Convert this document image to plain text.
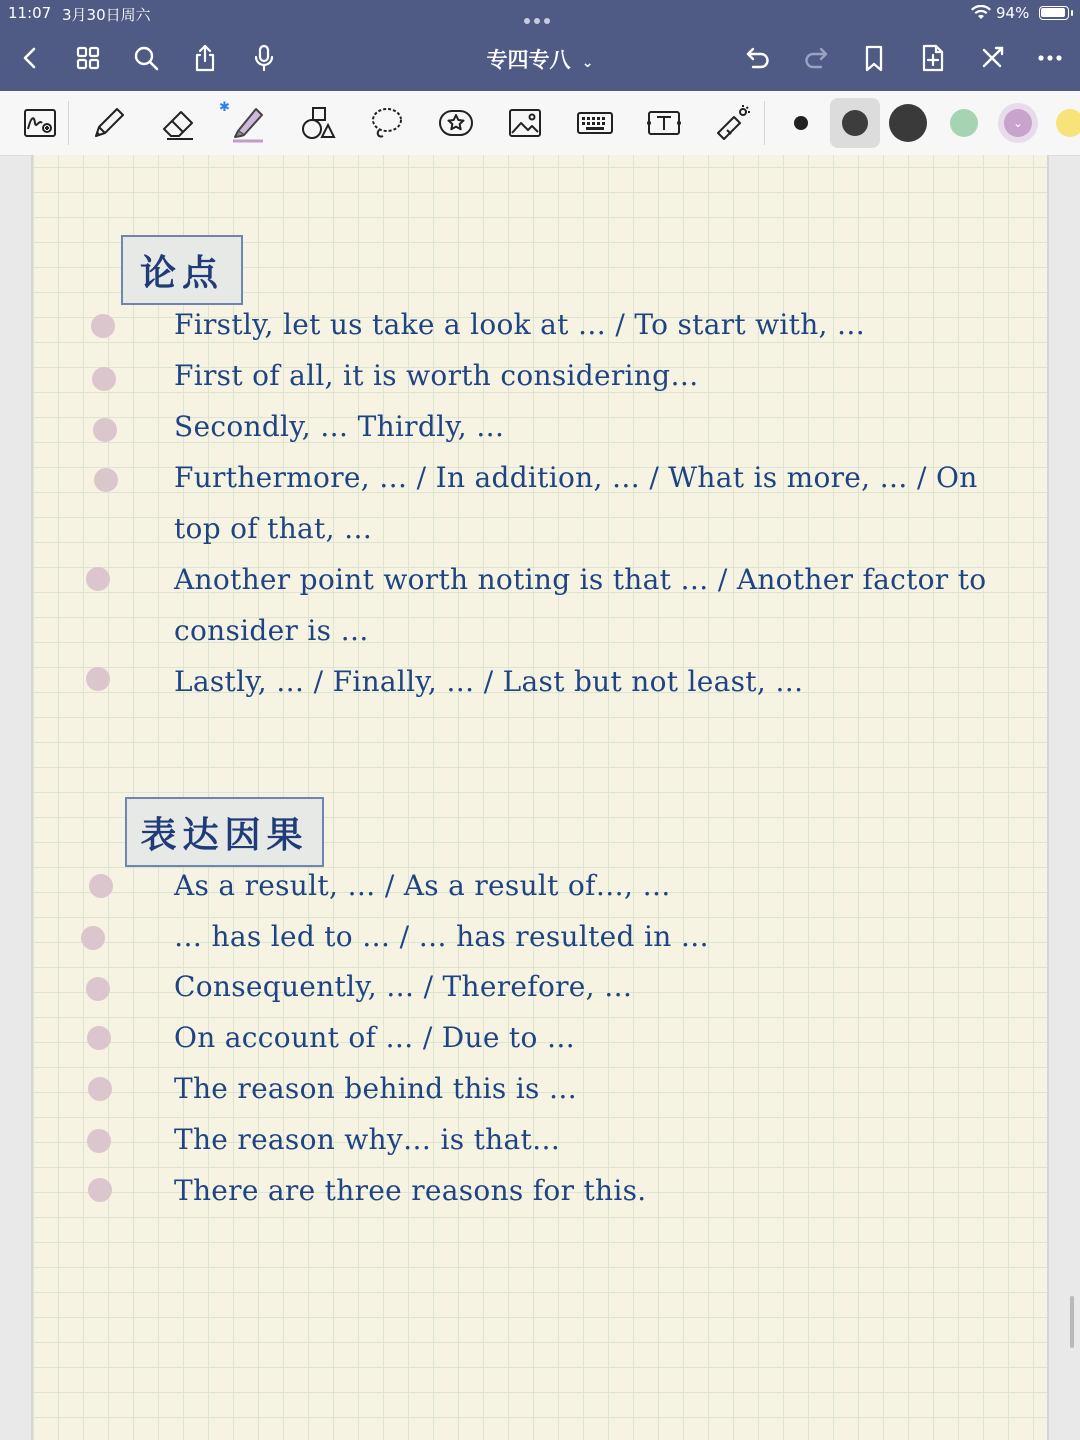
11:07 3月30日周六	94%
专四专八 ⌄
⌄
✱
论点
Firstly, let us take a look at … / To start with, …
First of all, it is worth considering…
Secondly, … Thirdly, …
Furthermore, … / In addition, … / What is more, … / On
top of that, …
Another point worth noting is that … / Another factor to
consider is …
Lastly, … / Finally, … / Last but not least, …
表达因果
As a result, … / As a result of…, …
… has led to … / … has resulted in …
Consequently, … / Therefore, …
On account of … / Due to …
The reason behind this is …
The reason why… is that…
There are three reasons for this.
